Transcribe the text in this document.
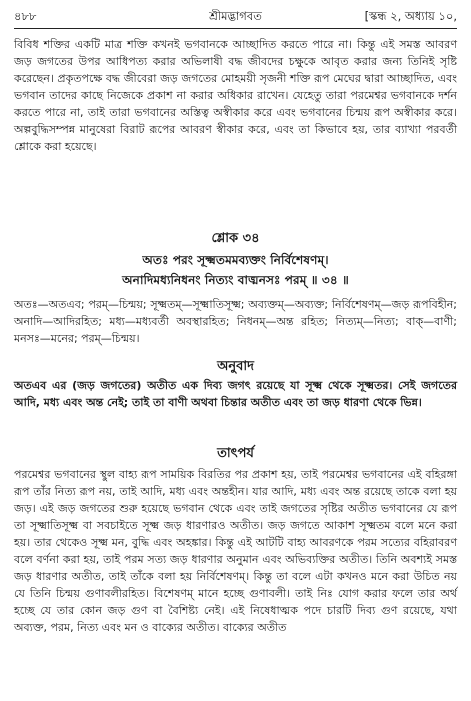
৪৮৮	শ্রীমদ্ভাগবত	[স্কন্ধ ২, অধ্যায় ১০,

বিবিধ শক্তির একটি মাত্র শক্তি কখনই ভগবানকে আচ্ছাদিত করতে পারে না। কিন্তু এই সমস্ত আবরণ জড় জগতের উপর আধিপত্য করার অভিলাষী বদ্ধ জীবদের চক্ষুকে আবৃত করার জন্য তিনিই সৃষ্টি করেছেন। প্রকৃতপক্ষে বদ্ধ জীবেরা জড় জগতের মোহময়ী সৃজনী শক্তি রূপ মেঘের দ্বারা আচ্ছাদিত, এবং ভগবান তাদের কাছে নিজেকে প্রকাশ না করার অধিকার রাখেন। যেহেতু তারা পরমেশ্বর ভগবানকে দর্শন করতে পারে না, তাই তারা ভগবানের অস্তিত্ব অস্বীকার করে এবং ভগবানের চিন্ময় রূপ অস্বীকার করে। অল্পবুদ্ধিসম্পন্ন মানুষেরা বিরাট রূপের আবরণ স্বীকার করে, এবং তা কিভাবে হয়, তার ব্যাখ্যা পরবর্তী শ্লোকে করা হয়েছে।

শ্লোক ৩৪
অতঃ পরং সূক্ষ্মতমমব্যক্তং নির্বিশেষণম্।
অনাদিমধ্যনিধনং নিত্যং বাঙ্মনসঃ পরম্ ॥ ৩৪ ॥

অতঃ—অতএব; পরম্—চিন্ময়; সূক্ষ্মতম্—সূক্ষ্মাতিসূক্ষ্ম; অব্যক্তম্—অব্যক্ত; নির্বিশেষণম্—জড় রূপবিহীন; অনাদি—আদিরহিত; মধ্য—মধ্যবর্তী অবস্থারহিত; নিধনম্—অন্ত রহিত; নিত্যম্—নিত্য; বাক্—বাণী; মনসঃ—মনের; পরম্—চিন্ময়।

অনুবাদ

অতএব এর (জড় জগতের) অতীত এক দিব্য জগৎ রয়েছে যা সূক্ষ্ম থেকে সূক্ষ্মতর। সেই জগতের আদি, মধ্য এবং অন্ত নেই; তাই তা বাণী অথবা চিন্তার অতীত এবং তা জড় ধারণা থেকে ভিন্ন।

তাৎপর্য

পরমেশ্বর ভগবানের স্থুল বাহ্য রূপ সাময়িক বিরতির পর প্রকাশ হয়, তাই পরমেশ্বর ভগবানের এই বহিরঙ্গা রূপ তাঁর নিত্য রূপ নয়, তাই আদি, মধ্য এবং অন্তহীন। যার আদি, মধ্য এবং অন্ত রয়েছে তাকে বলা হয় জড়। এই জড় জগতের শুরু হয়েছে ভগবান থেকে এবং তাই জগতের সৃষ্টির অতীত ভগবানের যে রূপ তা সূক্ষ্মাতিসূক্ষ্ম বা সবচাইতে সূক্ষ্ম জড় ধারণারও অতীত। জড় জগতে আকাশ সূক্ষ্মতম বলে মনে করা হয়। তার থেকেও সূক্ষ্ম মন, বুদ্ধি এবং অহঙ্কার। কিন্তু এই আটটি বাহ্য আবরণকে পরম সত্যের বহিরাবরণ বলে বর্ণনা করা হয়, তাই পরম সত্য জড় ধারণার অনুমান এবং অভিব্যক্তির অতীত। তিনি অবশ্যই সমস্ত জড় ধারণার অতীত, তাই তাঁকে বলা হয় নির্বিশেষণম্। কিন্তু তা বলে এটা কখনও মনে করা উচিত নয় যে তিনি চিন্ময় গুণাবলীরহিত। বিশেষণম্ মানে হচ্ছে গুণাবলী। তাই নিঃ যোগ করার ফলে তার অর্থ হচ্ছে যে তার কোন জড় গুণ বা বৈশিষ্ট্য নেই। এই নিষেধাত্মক পদে চারটি দিব্য গুণ রয়েছে, যথা অব্যক্ত, পরম, নিত্য এবং মন ও বাক্যের অতীত। বাক্যের অতীত
